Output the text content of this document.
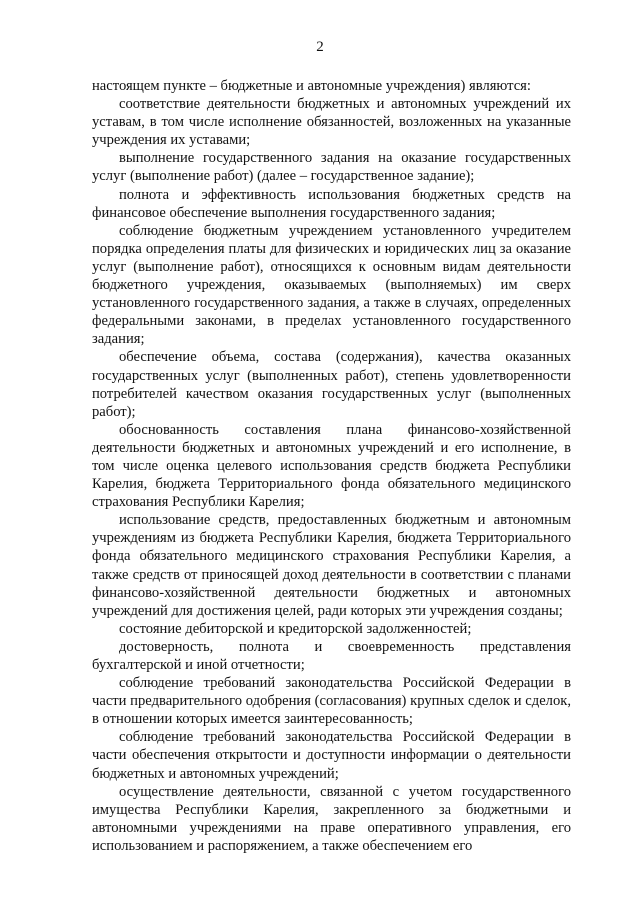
2

настоящем пункте – бюджетные и автономные учреждения) являются:

соответствие деятельности бюджетных и автономных учреждений их уставам, в том числе исполнение обязанностей, возложенных на указанные учреждения их уставами;

выполнение государственного задания на оказание государственных услуг (выполнение работ) (далее – государственное задание);

полнота и эффективность использования бюджетных средств на финансовое обеспечение выполнения государственного задания;

соблюдение бюджетным учреждением установленного учредителем порядка определения платы для физических и юридических лиц за оказание услуг (выполнение работ), относящихся к основным видам деятельности бюджетного учреждения, оказываемых (выполняемых) им сверх установленного государственного задания, а также в случаях, определенных федеральными законами, в пределах установленного государственного задания;

обеспечение объема, состава (содержания), качества оказанных государственных услуг (выполненных работ), степень удовлетворенности потребителей качеством оказания государственных услуг (выполненных работ);

обоснованность составления плана финансово-хозяйственной деятельности бюджетных и автономных учреждений и его исполнение, в том числе оценка целевого использования средств бюджета Республики Карелия, бюджета Территориального фонда обязательного медицинского страхования Республики Карелия;

использование средств, предоставленных бюджетным и автономным учреждениям из бюджета Республики Карелия, бюджета Территориального фонда обязательного медицинского страхования Республики Карелия, а также средств от приносящей доход деятельности в соответствии с планами финансово-хозяйственной деятельности бюджетных и автономных учреждений для достижения целей, ради которых эти учреждения созданы;

состояние дебиторской и кредиторской задолженностей;

достоверность, полнота и своевременность представления бухгалтерской и иной отчетности;

соблюдение требований законодательства Российской Федерации в части предварительного одобрения (согласования) крупных сделок и сделок, в отношении которых имеется заинтересованность;

соблюдение требований законодательства Российской Федерации в части обеспечения открытости и доступности информации о деятельности бюджетных и автономных учреждений;

осуществление деятельности, связанной с учетом государственного имущества Республики Карелия, закрепленного за бюджетными и автономными учреждениями на праве оперативного управления, его использованием и распоряжением, а также обеспечением его
